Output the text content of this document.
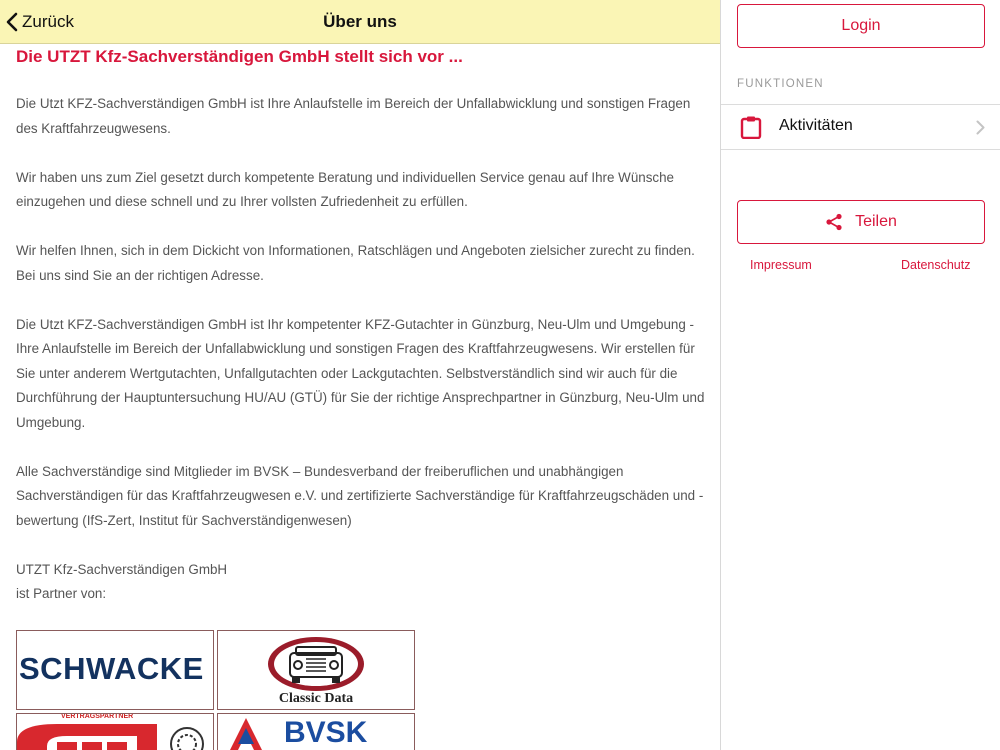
Zurück	Über uns
Die UTZT Kfz-Sachverständigen GmbH stellt sich vor ...

Die Utzt KFZ-Sachverständigen GmbH ist Ihre Anlaufstelle im Bereich der Unfallabwicklung und sonstigen Fragen des Kraftfahrzeugwesens.

Wir haben uns zum Ziel gesetzt durch kompetente Beratung und individuellen Service genau auf Ihre Wünsche einzugehen und diese schnell und zu Ihrer vollsten Zufriedenheit zu erfüllen.

Wir helfen Ihnen, sich in dem Dickicht von Informationen, Ratschlägen und Angeboten zielsicher zurecht zu finden.

Bei uns sind Sie an der richtigen Adresse.

Die Utzt KFZ-Sachverständigen GmbH ist Ihr kompetenter KFZ-Gutachter in Günzburg, Neu-Ulm und Umgebung - Ihre Anlaufstelle im Bereich der Unfallabwicklung und sonstigen Fragen des Kraftfahrzeugwesens. Wir erstellen für Sie unter anderem Wertgutachten, Unfallgutachten oder Lackgutachten. Selbstverständlich sind wir auch für die Durchführung der Hauptuntersuchung HU/AU (GTÜ) für Sie der richtige Ansprechpartner in Günzburg, Neu-Ulm und Umgebung.

Alle Sachverständige sind Mitglieder im BVSK – Bundesverband der freiberuflichen und unabhängigen Sachverständigen für das Kraftfahrzeugwesen e.V. und zertifizierte Sachverständige für Kraftfahrzeugschäden und -bewertung (IfS-Zert, Institut für Sachverständigenwesen)

UTZT Kfz-Sachverständigen GmbH

ist Partner von:

SCHWACKE
Classic Data
VERTRAGSPARTNER	BVSK
Login
FUNKTIONEN
Aktivitäten
Teilen
Impressum	Datenschutz
